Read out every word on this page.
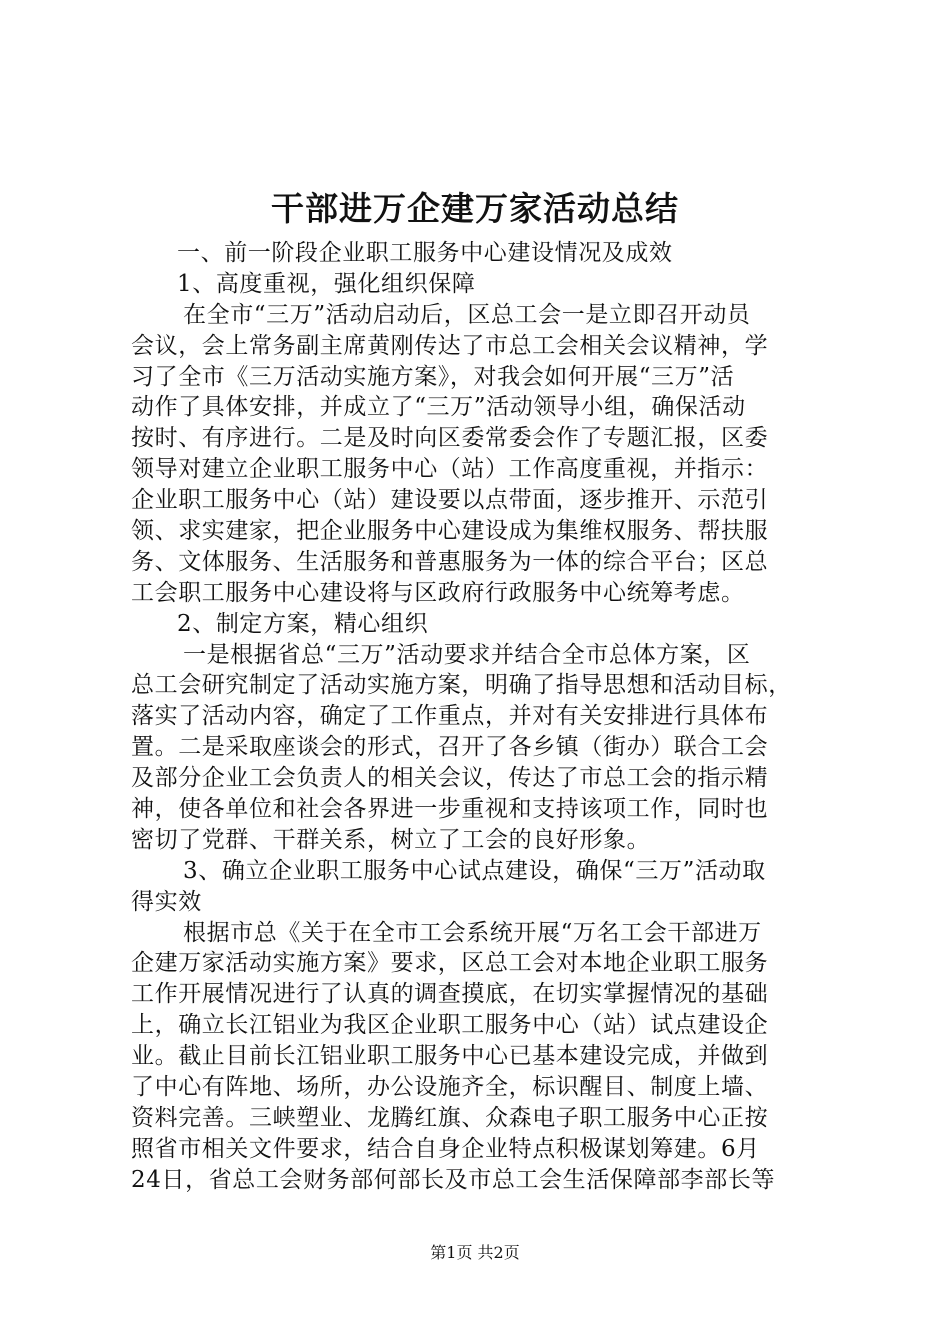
干部进万企建万家活动总结
一、前一阶段企业职工服务中心建设情况及成效
1、高度重视，强化组织保障
在全市“三万”活动启动后，区总工会一是立即召开动员
会议，会上常务副主席黄刚传达了市总工会相关会议精神，学
习了全市《三万活动实施方案》，对我会如何开展“三万”活
动作了具体安排，并成立了“三万”活动领导小组，确保活动
按时、有序进行。二是及时向区委常委会作了专题汇报，区委
领导对建立企业职工服务中心（站）工作高度重视，并指示：
企业职工服务中心（站）建设要以点带面，逐步推开、示范引
领、求实建家，把企业服务中心建设成为集维权服务、帮扶服
务、文体服务、生活服务和普惠服务为一体的综合平台；区总
工会职工服务中心建设将与区政府行政服务中心统筹考虑。
2、制定方案，精心组织
一是根据省总“三万”活动要求并结合全市总体方案，区
总工会研究制定了活动实施方案，明确了指导思想和活动目标，
落实了活动内容，确定了工作重点，并对有关安排进行具体布
置。二是采取座谈会的形式，召开了各乡镇（街办）联合工会
及部分企业工会负责人的相关会议，传达了市总工会的指示精
神，使各单位和社会各界进一步重视和支持该项工作，同时也
密切了党群、干群关系，树立了工会的良好形象。
3、确立企业职工服务中心试点建设，确保“三万”活动取
得实效
根据市总《关于在全市工会系统开展“万名工会干部进万
企建万家活动实施方案》要求，区总工会对本地企业职工服务
工作开展情况进行了认真的调查摸底，在切实掌握情况的基础
上，确立长江铝业为我区企业职工服务中心（站）试点建设企
业。截止目前长江铝业职工服务中心已基本建设完成，并做到
了中心有阵地、场所，办公设施齐全，标识醒目、制度上墙、
资料完善。三峡塑业、龙腾红旗、众森电子职工服务中心正按
照省市相关文件要求，结合自身企业特点积极谋划筹建。6月
24日，省总工会财务部何部长及市总工会生活保障部李部长等
第1页 共2页
